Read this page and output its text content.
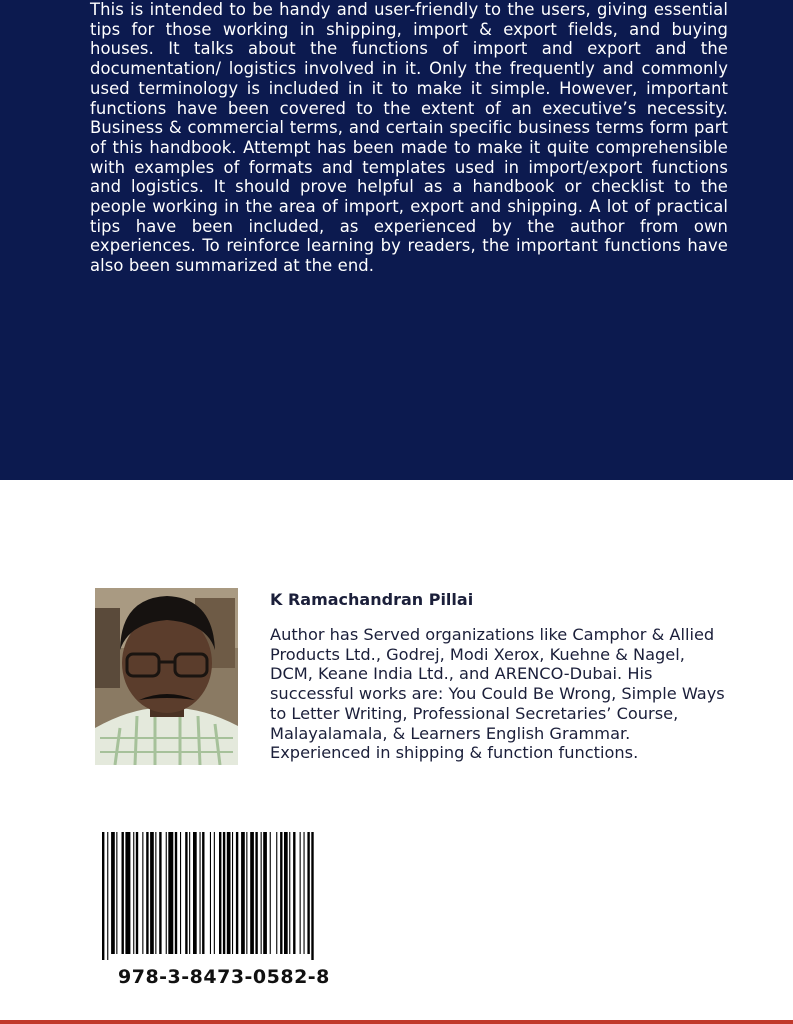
This is intended to be handy and user-friendly to the users, giving essential tips for those working in shipping, import & export fields, and buying houses. It talks about the functions of import and export and the documentation/ logistics involved in it. Only the frequently and commonly used terminology is included in it to make it simple. However, important functions have been covered to the extent of an executive’s necessity. Business & commercial terms, and certain specific business terms form part of this handbook. Attempt has been made to make it quite comprehensible with examples of formats and templates used in import/export functions and logistics. It should prove helpful as a handbook or checklist to the people working in the area of import, export and shipping. A lot of practical tips have been included, as experienced by the author from own experiences. To reinforce learning by readers, the important functions have also been summarized at the end.

K Ramachandran Pillai

Author has Served organizations like Camphor & Allied Products Ltd., Godrej, Modi Xerox, Kuehne & Nagel, DCM, Keane India Ltd., and ARENCO-Dubai. His successful works are: You Could Be Wrong, Simple Ways to Letter Writing, Professional Secretaries’ Course, Malayalamala, & Learners English Grammar. Experienced in shipping & function functions.

978-3-8473-0582-8
